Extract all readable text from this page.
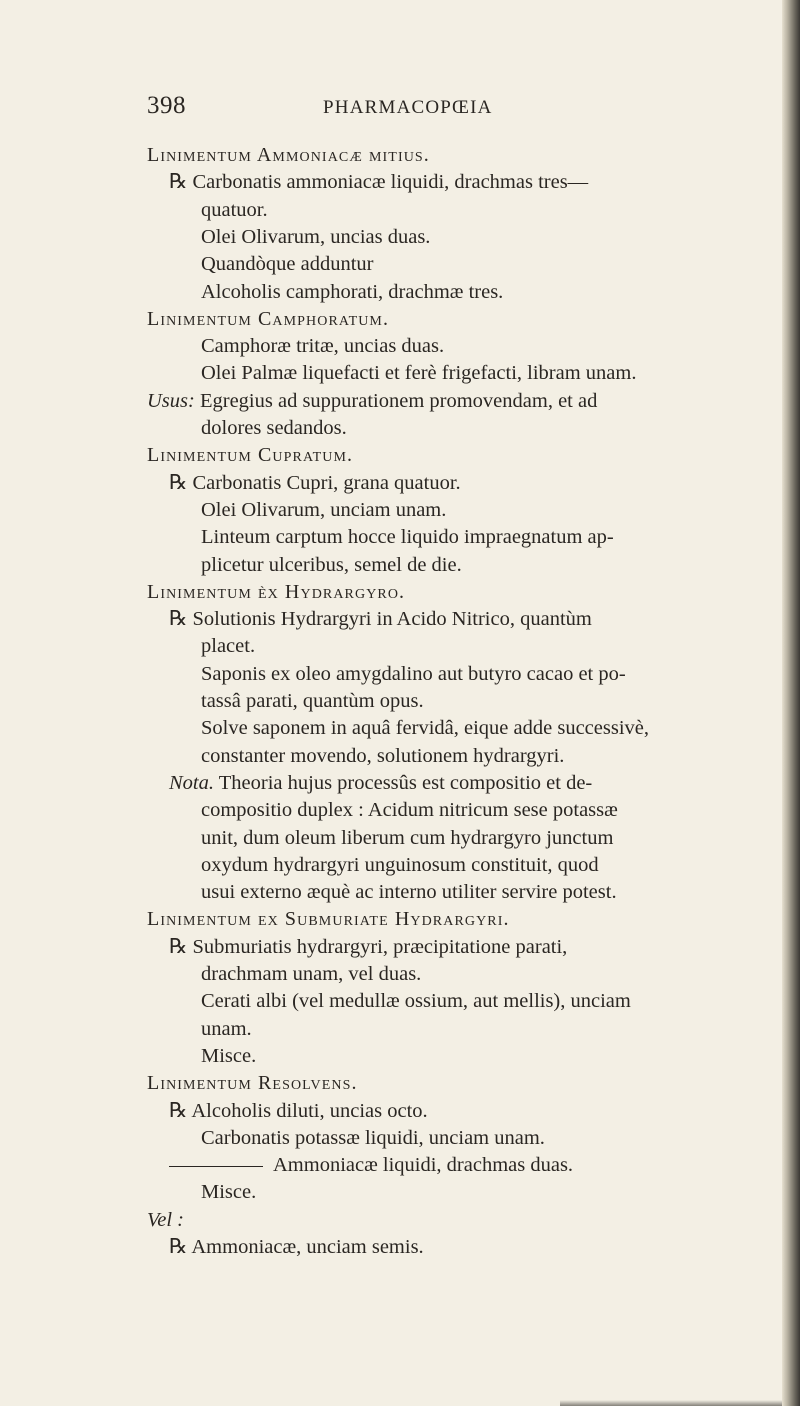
398	PHARMACOPŒIA
Linimentum Ammoniacæ mitius.
℞ Carbonatis ammoniacæ liquidi, drachmas tres—
quatuor.
Olei Olivarum, uncias duas.
Quandòque adduntur
Alcoholis camphorati, drachmæ tres.
Linimentum Camphoratum.
Camphoræ tritæ, uncias duas.
Olei Palmæ liquefacti et ferè frigefacti, libram unam.
Usus: Egregius ad suppurationem promovendam, et ad
dolores sedandos.
Linimentum Cupratum.
℞ Carbonatis Cupri, grana quatuor.
Olei Olivarum, unciam unam.
Linteum carptum hocce liquido impraegnatum ap-
plicetur ulceribus, semel de die.
Linimentum èx Hydrargyro.
℞ Solutionis Hydrargyri in Acido Nitrico, quantùm
placet.
Saponis ex oleo amygdalino aut butyro cacao et po-
tassâ parati, quantùm opus.
Solve saponem in aquâ fervidâ, eique adde successivè,
constanter movendo, solutionem hydrargyri.
Nota. Theoria hujus processûs est compositio et de-
compositio duplex : Acidum nitricum sese potassæ
unit, dum oleum liberum cum hydrargyro junctum
oxydum hydrargyri unguinosum constituit, quod
usui externo æquè ac interno utiliter servire potest.
Linimentum ex Submuriate Hydrargyri.
℞ Submuriatis hydrargyri, præcipitatione parati,
drachmam unam, vel duas.
Cerati albi (vel medullæ ossium, aut mellis), unciam
unam.
Misce.
Linimentum Resolvens.
℞ Alcoholis diluti, uncias octo.
Carbonatis potassæ liquidi, unciam unam.
Ammoniacæ liquidi, drachmas duas.
Misce.
Vel :
℞ Ammoniacæ, unciam semis.
